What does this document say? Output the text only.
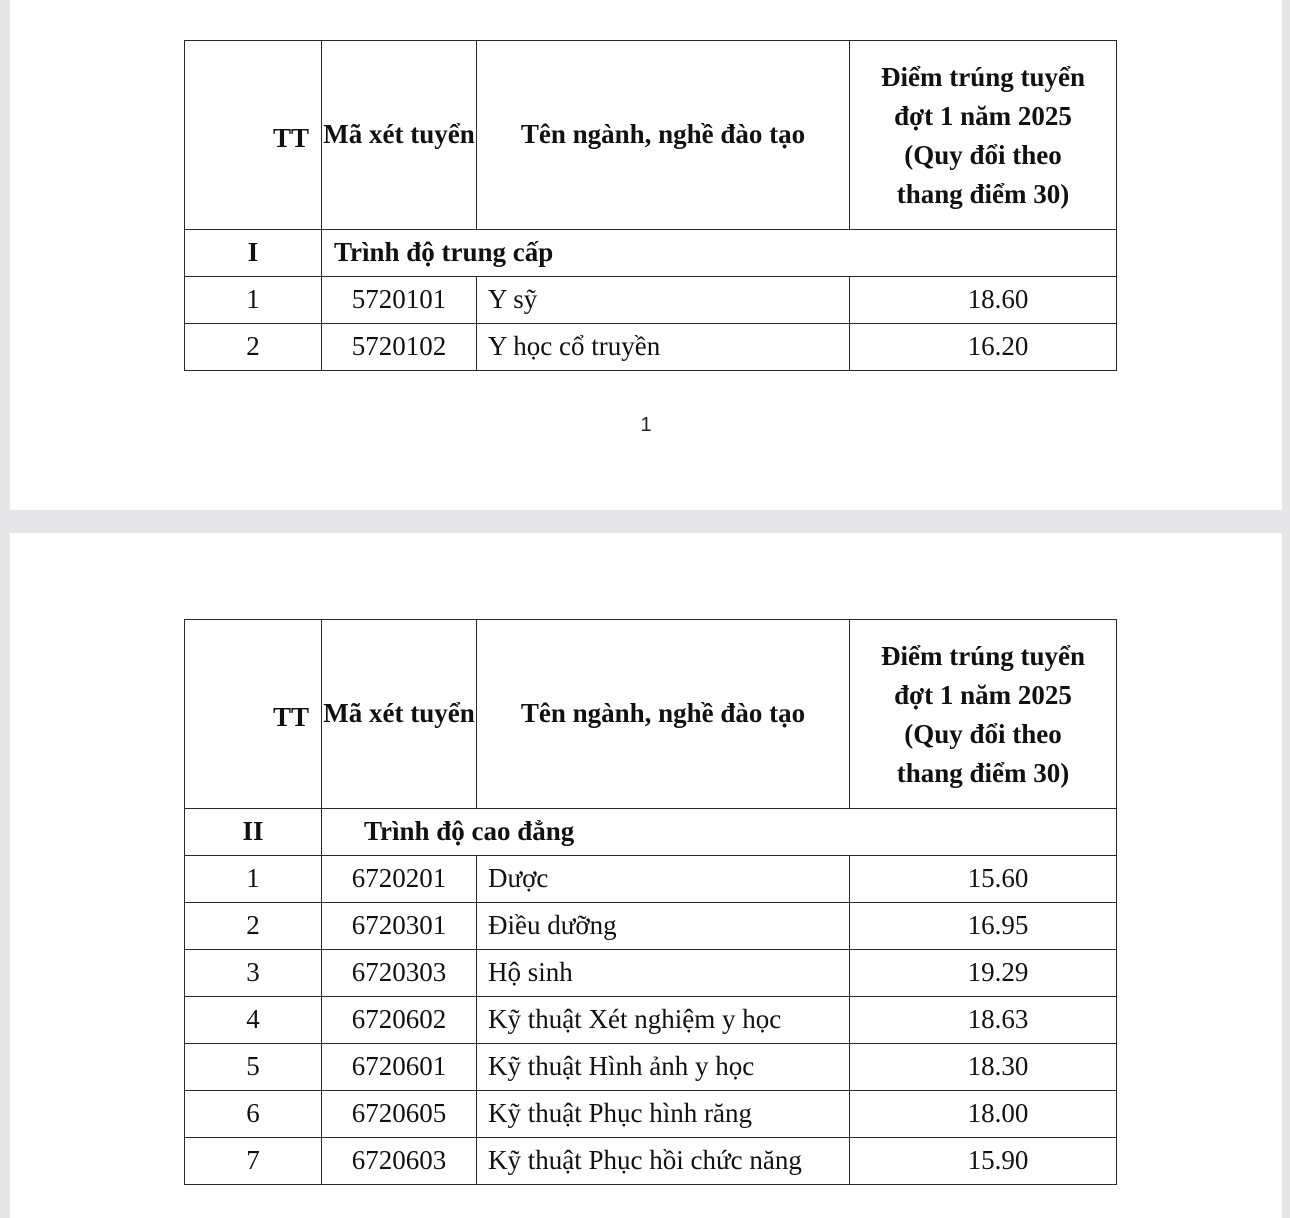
TT	Mã xét tuyển	Tên ngành, nghề đào tạo	Điểm trúng tuyển
đợt 1 năm 2025
(Quy đổi theo
thang điểm 30)
I	Trình độ trung cấp		
1	5720101	Y sỹ	18.60
2	5720102	Y học cổ truyền	16.20
1
TT	Mã xét tuyển	Tên ngành, nghề đào tạo	Điểm trúng tuyển
đợt 1 năm 2025
(Quy đổi theo
thang điểm 30)
II	Trình độ cao đẳng		
1	6720201	Dược	15.60
2	6720301	Điều dưỡng	16.95
3	6720303	Hộ sinh	19.29
4	6720602	Kỹ thuật Xét nghiệm y học	18.63
5	6720601	Kỹ thuật Hình ảnh y học	18.30
6	6720605	Kỹ thuật Phục hình răng	18.00
7	6720603	Kỹ thuật Phục hồi chức năng	15.90
